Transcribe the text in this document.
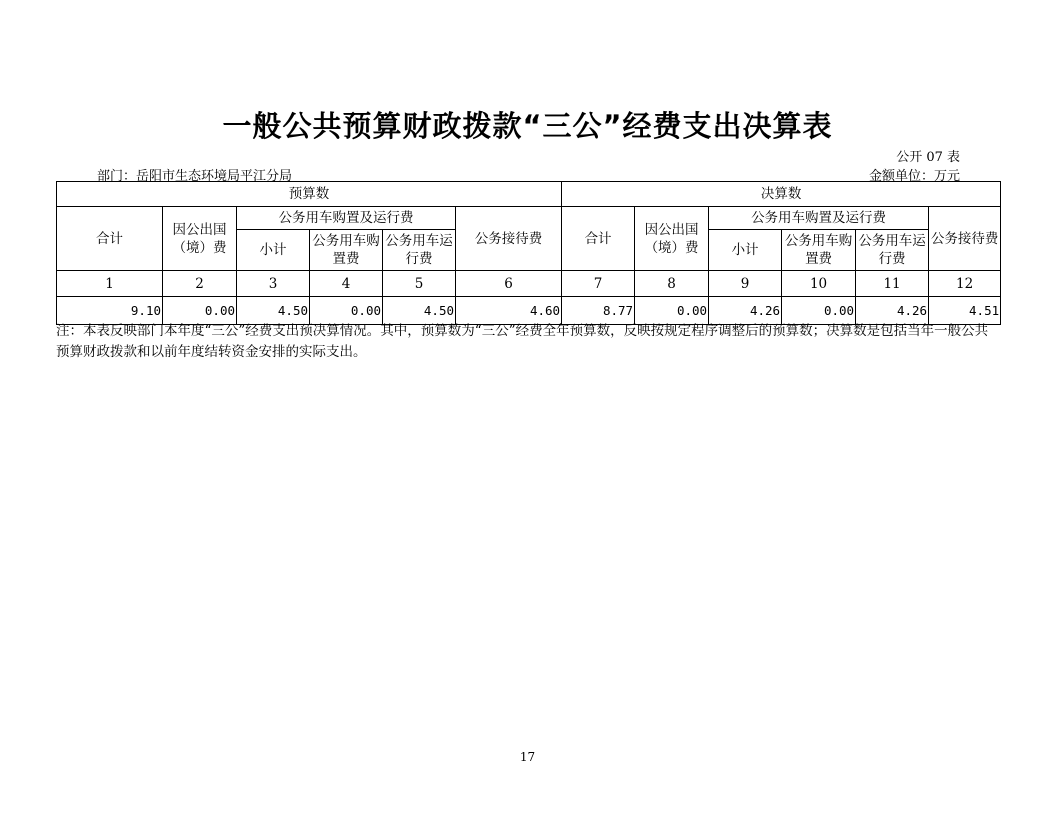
一般公共预算财政拨款“三公”经费支出决算表
公开 07 表
部门：岳阳市生态环境局平江分局	金额单位：万元
预算数						决算数					
合计	因公出国（境）费	公务用车购置及运行费			公务接待费	合计	因公出国（境）费	公务用车购置及运行费			公务接待费
		小计	公务用车购置费	公务用车运行费				小计	公务用车购置费	公务用车运行费	
1	2	3	4	5	6	7	8	9	10	11	12
9.10	0.00	4.50	0.00	4.50	4.60	8.77	0.00	4.26	0.00	4.26	4.51
注：本表反映部门本年度“三公”经费支出预决算情况。其中，预算数为“三公”经费全年预算数，反映按规定程序调整后的预算数；决算数是包括当年一般公共预算财政拨款和以前年度结转资金安排的实际支出。
17
